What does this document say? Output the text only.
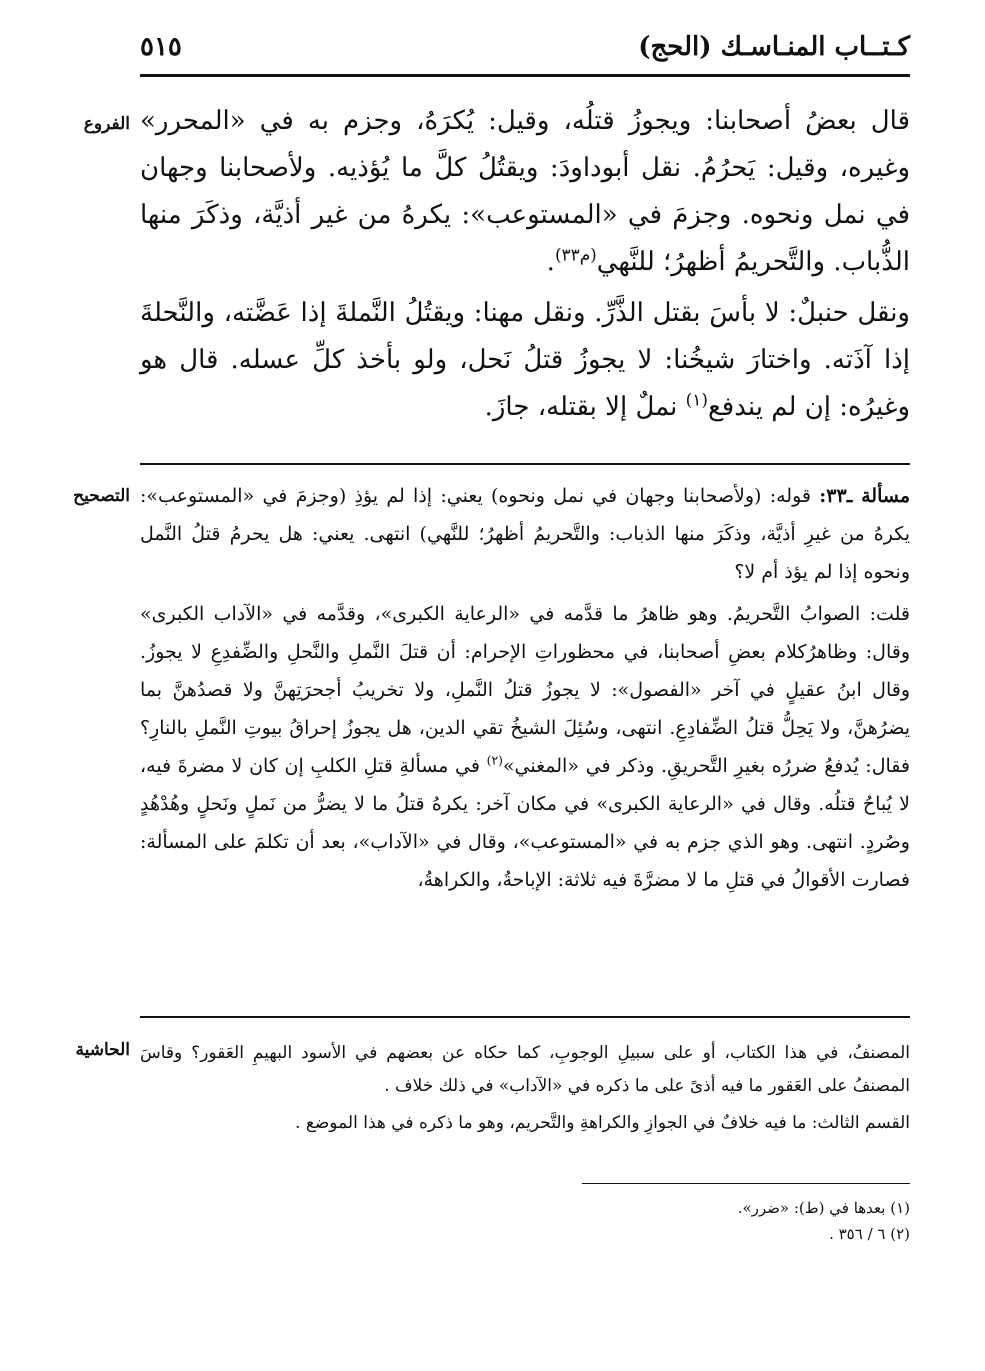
كـتــاب المنـاسـك (الحج)
٥١٥
الفروع قال بعضُ أصحابنا: ويجوزُ قتلُه، وقيل: يُكرَهُ، وجزم به في «المحرر» وغيره، وقيل: يَحرُمُ. نقل أبوداودَ: ويقتُلُ كلَّ ما يُؤذيه. ولأصحابنا وجهان في نمل ونحوه. وجزمَ في «المستوعب»: يكرهُ من غير أذيَّة، وذكَرَ منها الذُّباب. والتَّحريمُ أظهرُ؛ للنَّهي$^{(م٣٣)}$.

ونقل حنبلٌ: لا بأسَ بقتل الذَّرِّ. ونقل مهنا: ويقتُلُ النَّملةَ إذا عَضَّته، والنَّحلةَ إذا آذَته. واختارَ شيخُنا: لا يجوزُ قتلُ نَحل، ولو بأخذ كلِّ عسله. قال هو وغيرُه: إن لم يندفع$^{(١)}$ نملٌ إلا بقتله، جازَ.

التصحيح	مسألة ـ٣٣: قوله: (ولأصحابنا وجهان في نمل ونحوه) يعني: إذا لم يؤذِ (وجزمَ في «المستوعب»: يكرهُ من غيرِ أذيَّة، وذكَرَ منها الذباب: والتَّحريمُ أظهرُ؛ للنَّهي) انتهى. يعني: هل يحرمُ قتلُ النَّمل ونحوه إذا لم يؤذ أم لا؟

قلت: الصوابُ التَّحريمُ. وهو ظاهرُ ما قدَّمه في «الرعاية الكبرى»، وقدَّمه في «الآداب الكبرى» وقال: وظاهرُكلام بعضِ أصحابنا، في محظوراتِ الإحرام: أن قتلَ النَّملِ والنَّحلِ والضِّفدِعِ لا يجوزُ. وقال ابنُ عقيلٍ في آخر «الفصول»: لا يجوزُ قتلُ النَّملِ، ولا تخريبُ أجحرَتِهنَّ ولا قصدُهنَّ بما يضرُهنَّ، ولا يَحِلُّ قتلُ الضِّفادِعِ. انتهى، وسُئِلَ الشيخُ تقي الدين، هل يجوزُ إحراقُ بيوتِ النَّملِ بالنارِ؟ فقال: يُدفعُ ضررُه بغيرِ التَّحريقِ. وذكر في «المغني»$^{(٢)}$ في مسألةِ قتلِ الكلبِ إن كان لا مضرةَ فيه، لا يُباحُ قتلُه. وقال في «الرعاية الكبرى» في مكان آخر: يكرهُ قتلُ ما لا يضرُّ من نَملٍ ونَحلٍ وهُدْهُدٍ وصُردٍ. انتهى. وهو الذي جزم به في «المستوعب»، وقال في «الآداب»، بعد أن تكلمَ على المسألة: فصارت الأقوالُ في قتلِ ما لا مضرَّةَ فيه ثلاثة: الإباحةُ، والكراهةُ،

الحاشية المصنفُ، في هذا الكتاب، أو على سبيلِ الوجوبِ، كما حكاه عن بعضهم في الأسود البهيمِ العَقور؟ وقاسَ المصنفُ على العَقور ما فيه أذىً على ما ذكره في «الآداب» في ذلك خلاف .

القسم الثالث: ما فيه خلافٌ في الجوازِ والكراهةِ والتَّحريم، وهو ما ذكره في هذا الموضع .

(١) بعدها في (ط): «ضرر».
(٢) ٦ / ٣٥٦ .
